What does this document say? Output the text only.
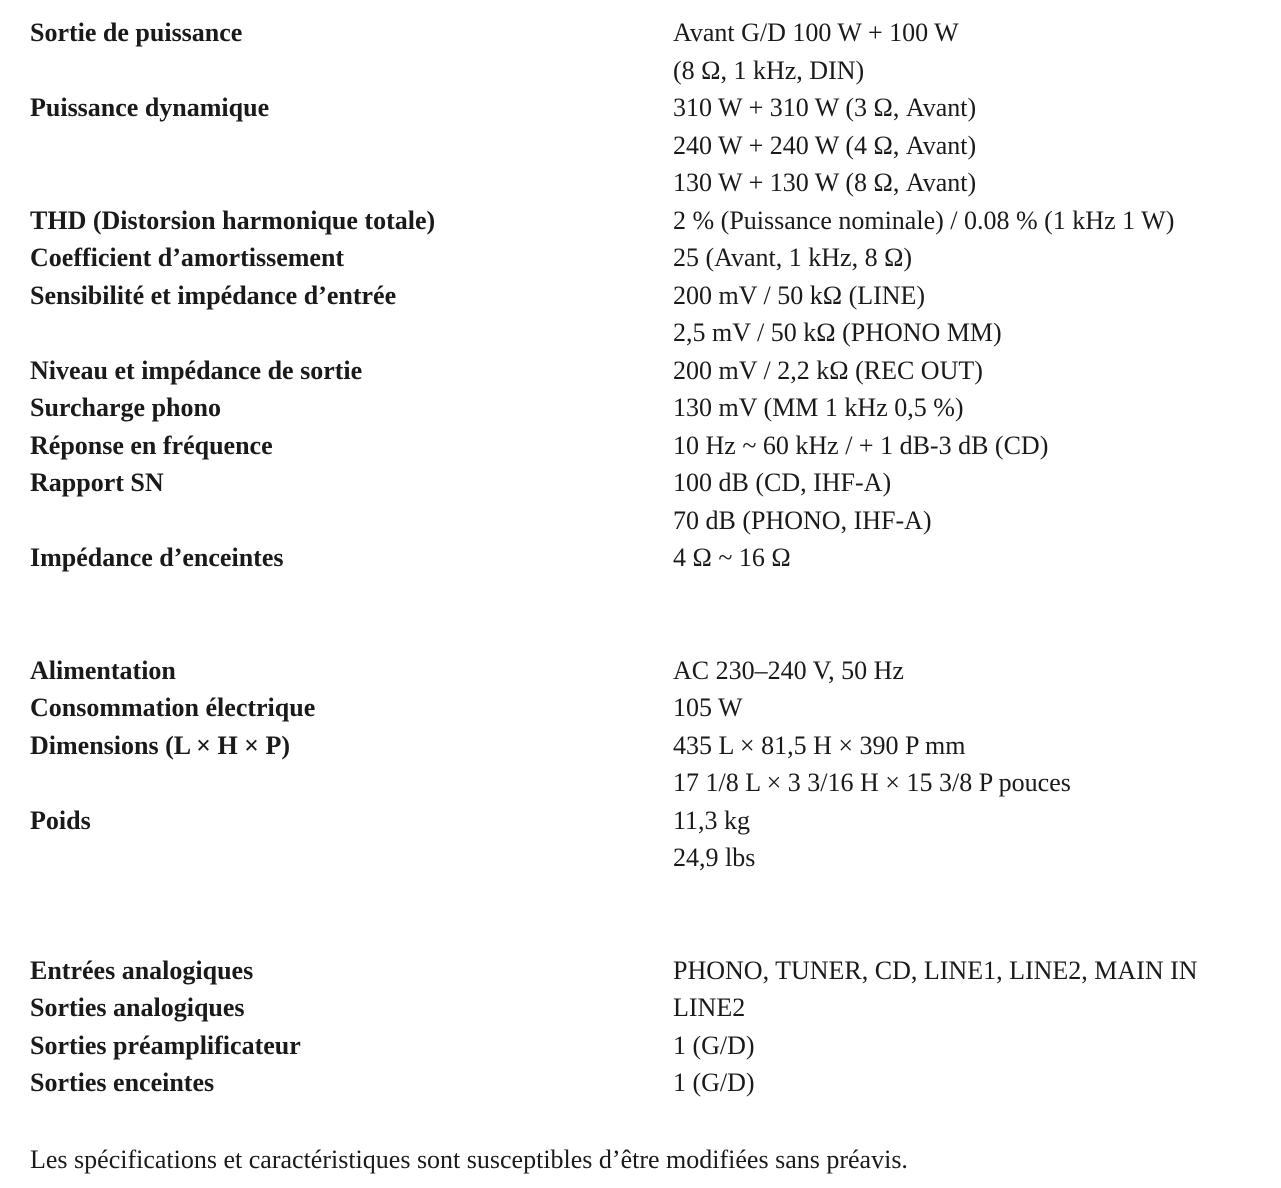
Sortie de puissance	Avant G/D 100 W + 100 W
(8 Ω, 1 kHz, DIN)
Puissance dynamique	310 W + 310 W (3 Ω, Avant)
240 W + 240 W (4 Ω, Avant)
130 W + 130 W (8 Ω, Avant)
THD (Distorsion harmonique totale)	2 % (Puissance nominale) / 0.08 % (1 kHz 1 W)
Coefficient d’amortissement	25 (Avant, 1 kHz, 8 Ω)
Sensibilité et impédance d’entrée	200 mV / 50 kΩ (LINE)
2,5 mV / 50 kΩ (PHONO MM)
Niveau et impédance de sortie	200 mV / 2,2 kΩ (REC OUT)
Surcharge phono	130 mV (MM 1 kHz 0,5 %)
Réponse en fréquence	10 Hz ~ 60 kHz / + 1 dB-3 dB (CD)
Rapport SN	100 dB (CD, IHF-A)
70 dB (PHONO, IHF-A)
Impédance d’enceintes	4 Ω ~ 16 Ω
Alimentation	AC 230–240 V, 50 Hz
Consommation électrique	105 W
Dimensions (L × H × P)	435 L × 81,5 H × 390 P mm
17 1/8 L × 3 3/16 H × 15 3/8 P pouces
Poids	11,3 kg
24,9 lbs
Entrées analogiques	PHONO, TUNER, CD, LINE1, LINE2, MAIN IN
Sorties analogiques	LINE2
Sorties préamplificateur	1 (G/D)
Sorties enceintes	1 (G/D)
Les spécifications et caractéristiques sont susceptibles d’être modifiées sans préavis.
